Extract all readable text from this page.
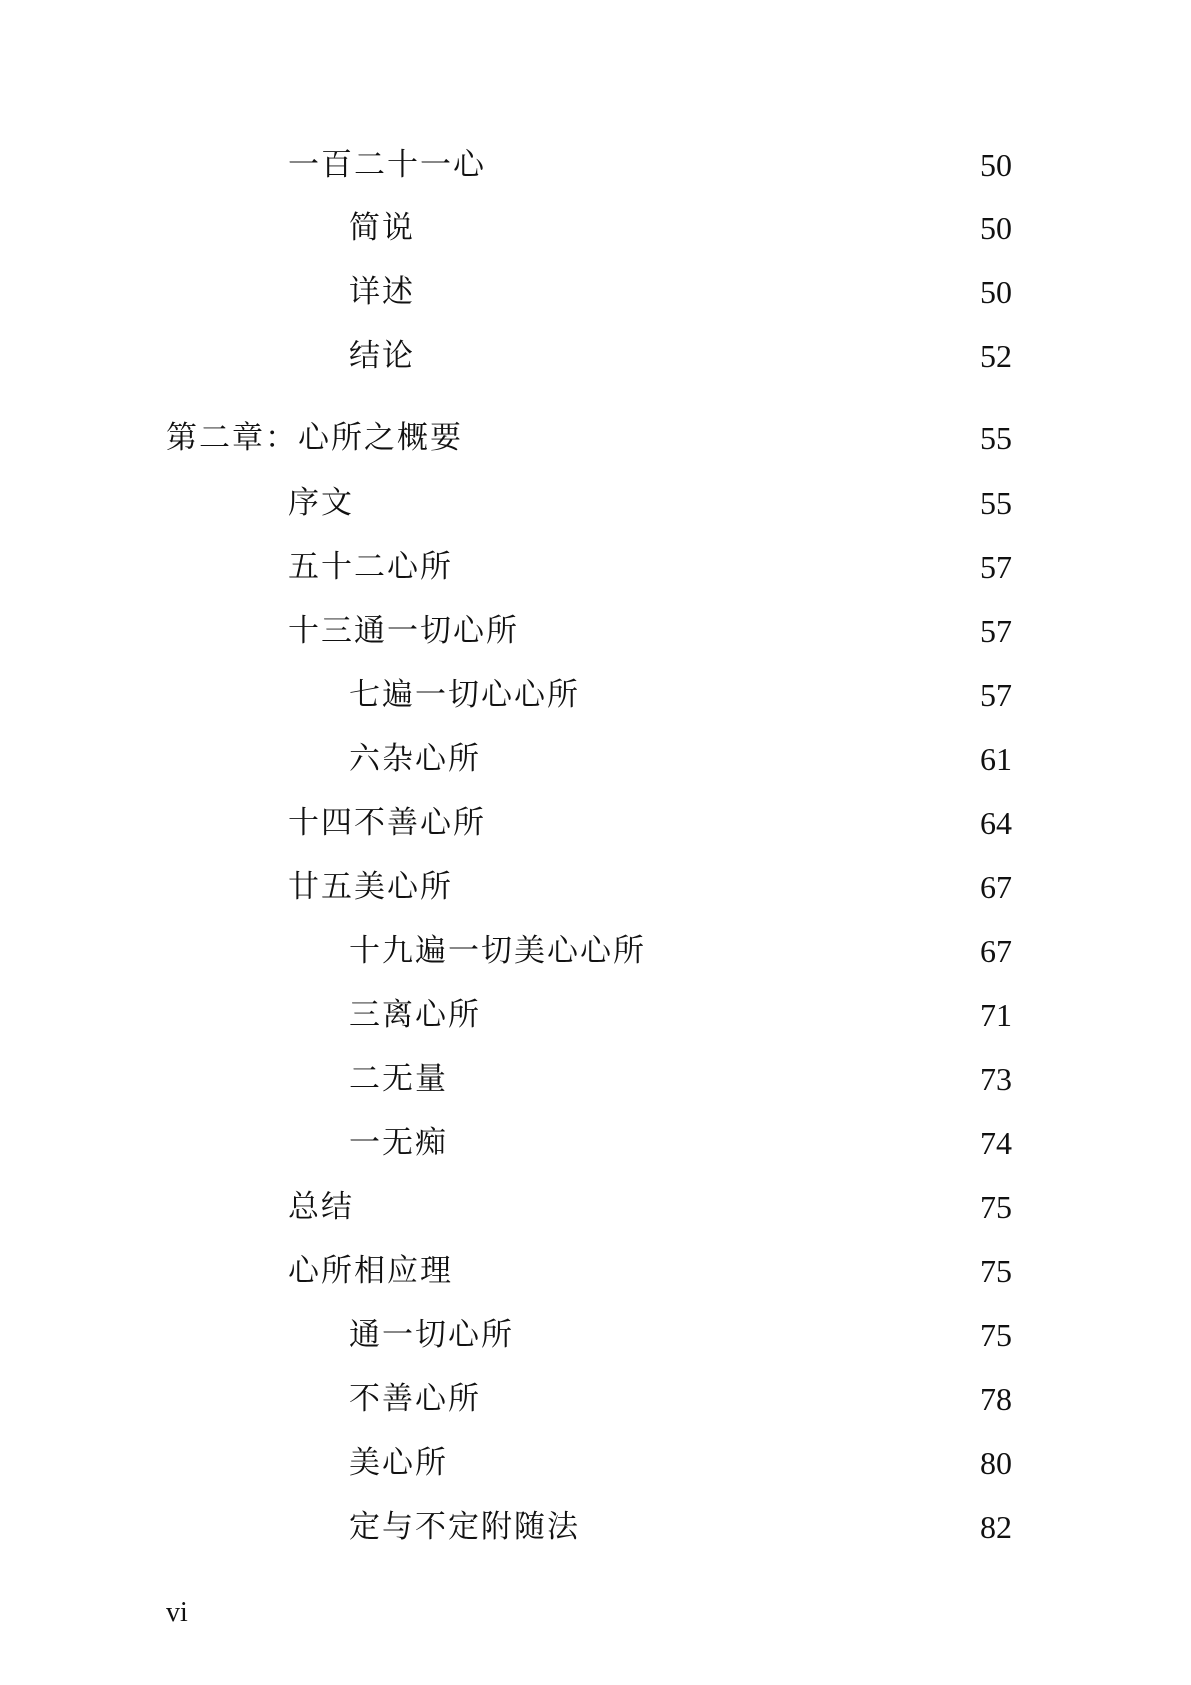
一百二十一心	50
简说	50
详述	50
结论	52
第二章：心所之概要	55
序文	55
五十二心所	57
十三通一切心所	57
七遍一切心心所	57
六杂心所	61
十四不善心所	64
廿五美心所	67
十九遍一切美心心所	67
三离心所	71
二无量	73
一无痴	74
总结	75
心所相应理	75
通一切心所	75
不善心所	78
美心所	80
定与不定附随法	82
vi
